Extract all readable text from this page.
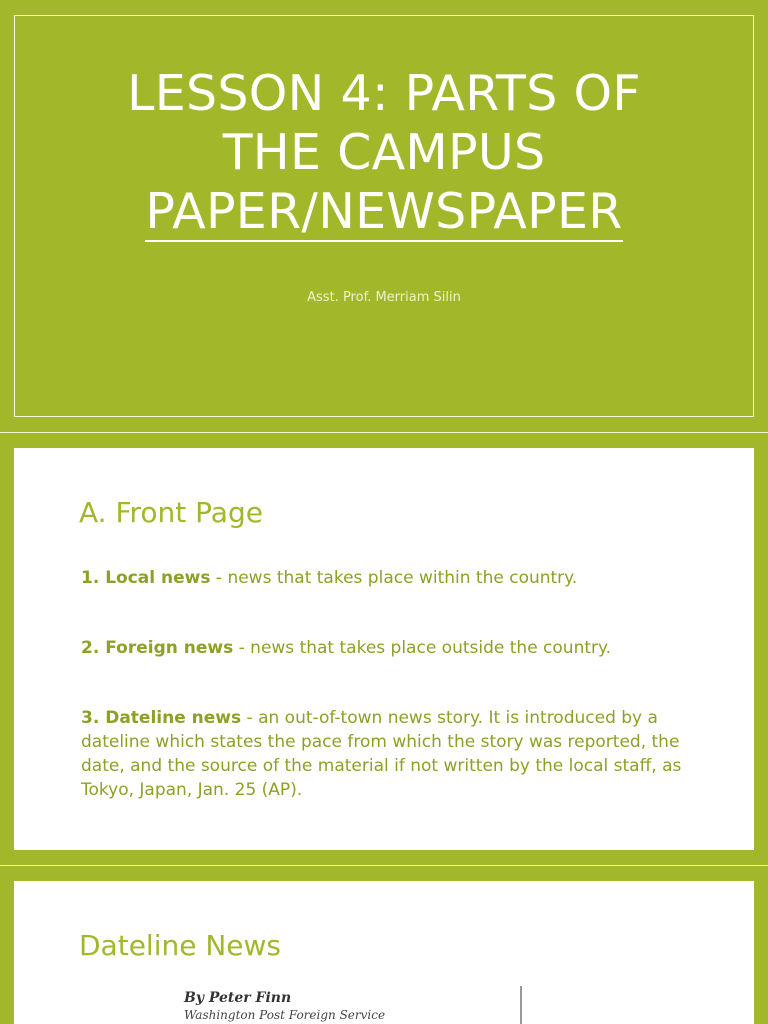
LESSON 4: PARTS OF
THE CAMPUS
PAPER/NEWSPAPER
Asst. Prof. Merriam Silin
A. Front Page
1. Local news - news that takes place within the country.
2. Foreign news - news that takes place outside the country.
3. Dateline news - an out-of-town news story. It is introduced by a dateline which states the pace from which the story was reported, the date, and the source of the material if not written by the local staff, as Tokyo, Japan, Jan. 25 (AP).
Dateline News
By Peter Finn
Washington Post Foreign Service
